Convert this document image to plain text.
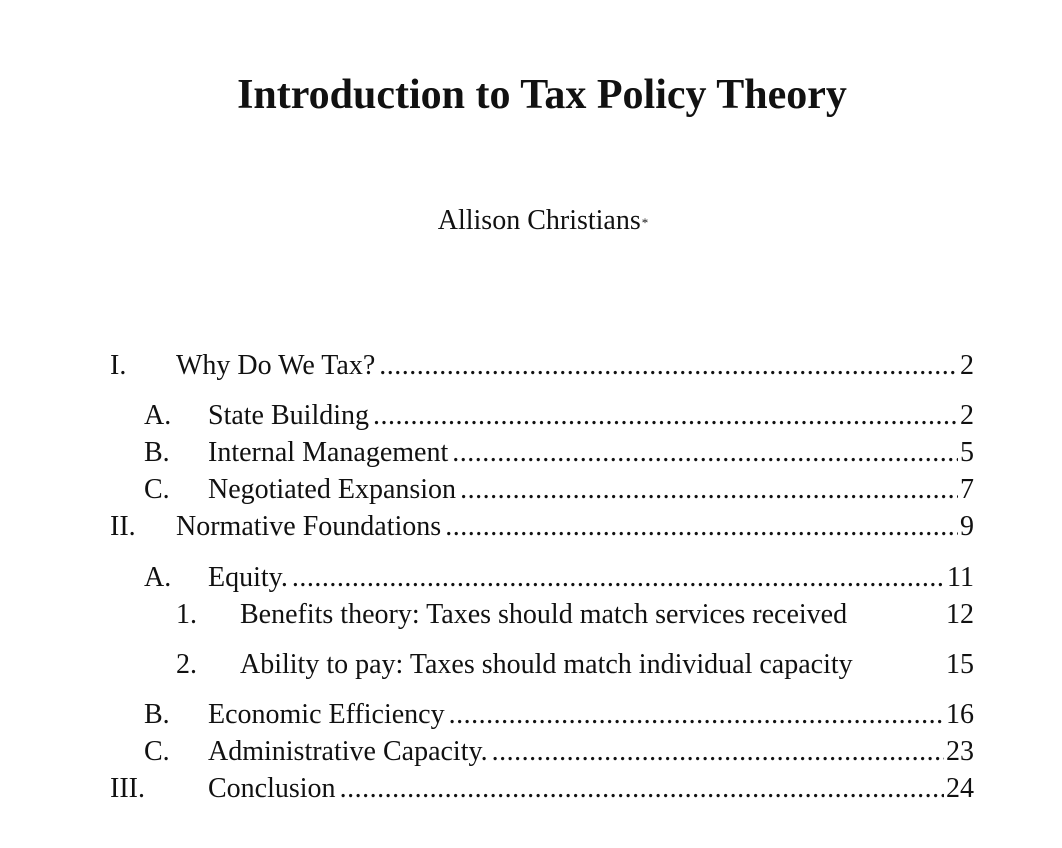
Introduction to Tax Policy Theory
Allison Christians*
I. Why Do We Tax? .....	2
A. State Building .....	2
B. Internal Management .....	5
C. Negotiated Expansion .....	7
II. Normative Foundations .....	9
A. Equity. .....	11
1. Benefits theory: Taxes should match services received	12
2. Ability to pay: Taxes should match individual capacity	15
B. Economic Efficiency .....	16
C. Administrative Capacity. .....	23
III. Conclusion .....	24
